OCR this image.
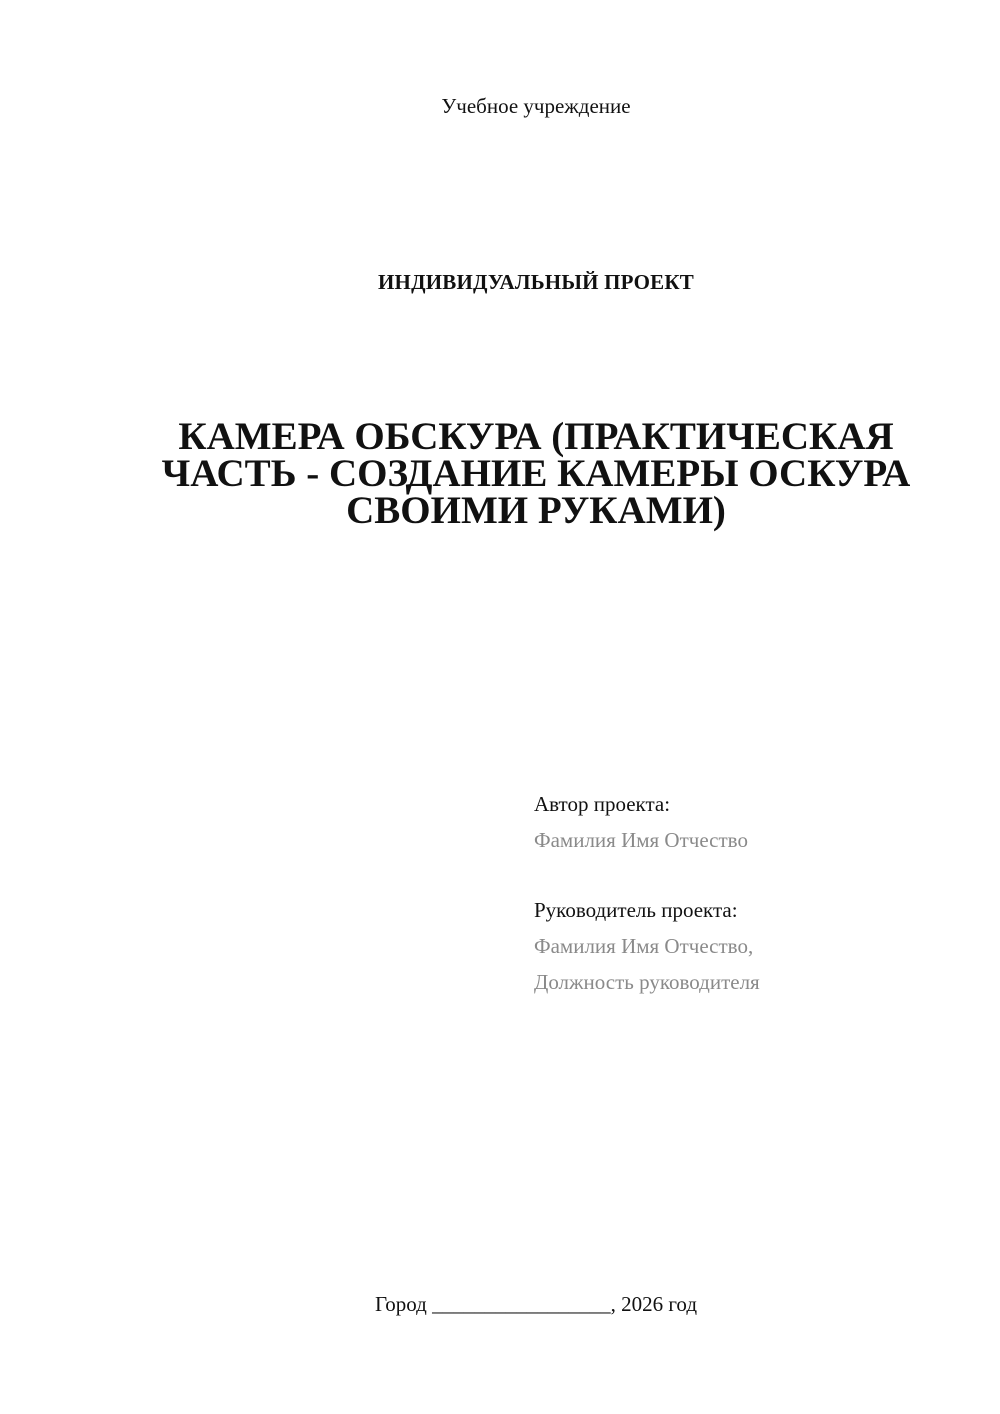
Учебное учреждение
ИНДИВИДУАЛЬНЫЙ ПРОЕКТ
КАМЕРА ОБСКУРА (ПРАКТИЧЕСКАЯ
ЧАСТЬ - СОЗДАНИЕ КАМЕРЫ ОСКУРА
СВОИМИ РУКАМИ)
Автор проекта:
Фамилия Имя Отчество
Руководитель проекта:
Фамилия Имя Отчество,
Должность руководителя
Город _________________, 2026 год
